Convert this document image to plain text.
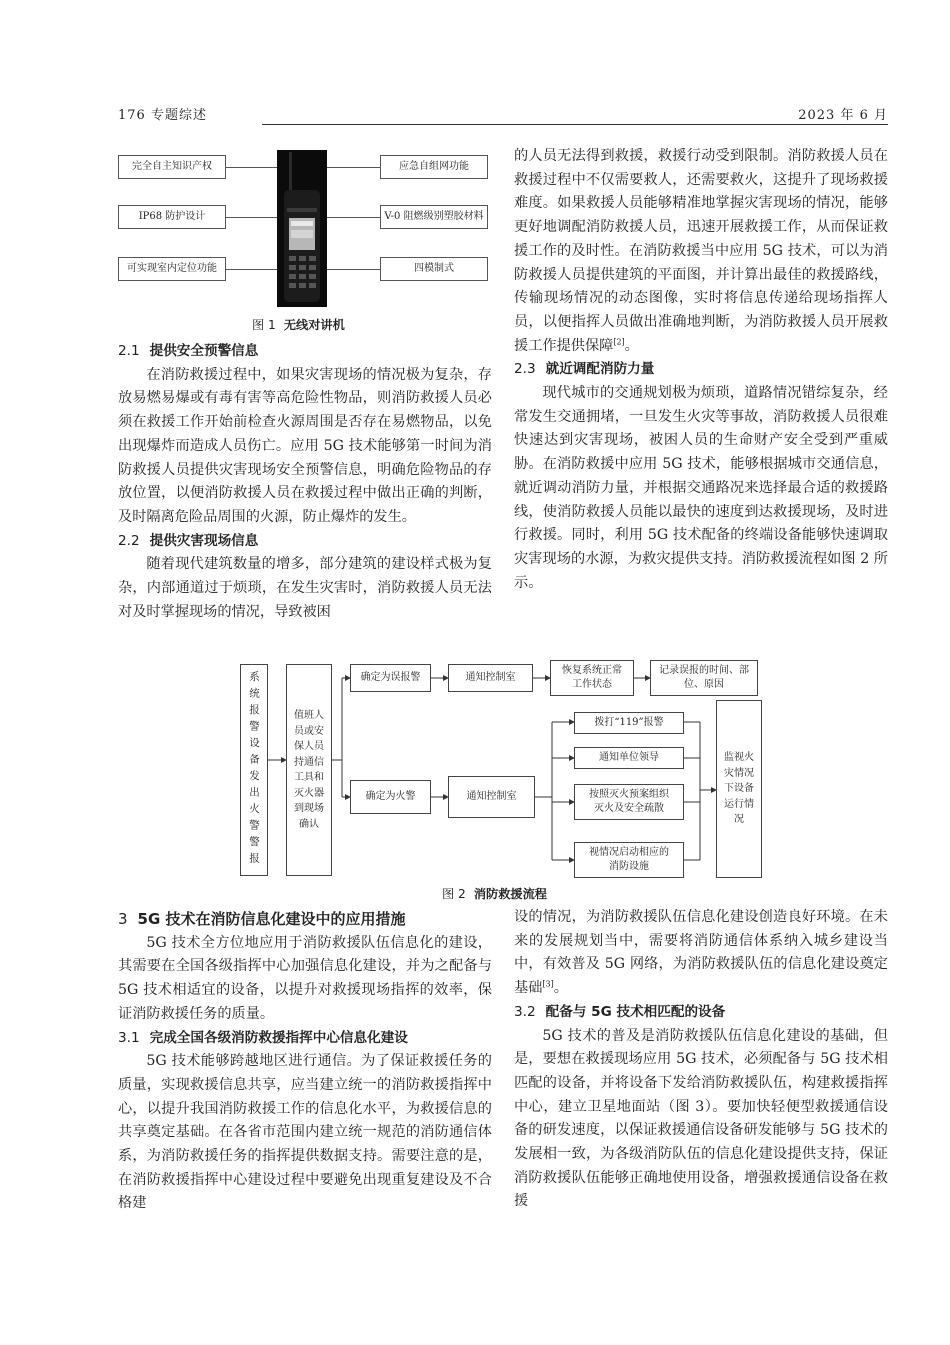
176 专题综述	2023 年 6 月
完全自主知识产权
IP68 防护设计
可实现室内定位功能
应急自组网功能
V-0 阻燃级别塑胶材料
四模制式
图 1 无线对讲机
2.1 提供安全预警信息

在消防救援过程中，如果灾害现场的情况极为复杂，存放易燃易爆或有毒有害等高危险性物品，则消防救援人员必须在救援工作开始前检查火源周围是否存在易燃物品，以免出现爆炸而造成人员伤亡。应用 5G 技术能够第一时间为消防救援人员提供灾害现场安全预警信息，明确危险物品的存放位置，以便消防救援人员在救援过程中做出正确的判断，及时隔离危险品周围的火源，防止爆炸的发生。

2.2 提供灾害现场信息

随着现代建筑数量的增多，部分建筑的建设样式极为复杂，内部通道过于烦琐，在发生灾害时，消防救援人员无法对及时掌握现场的情况，导致被困

的人员无法得到救援，救援行动受到限制。消防救援人员在救援过程中不仅需要救人，还需要救火，这提升了现场救援难度。如果救援人员能够精准地掌握灾害现场的情况，能够更好地调配消防救援人员，迅速开展救援工作，从而保证救援工作的及时性。在消防救援当中应用 5G 技术，可以为消防救援人员提供建筑的平面图，并计算出最佳的救援路线，传输现场情况的动态图像，实时将信息传递给现场指挥人员，以便指挥人员做出准确地判断，为消防救援人员开展救援工作提供保障[2]。

2.3 就近调配消防力量

现代城市的交通规划极为烦琐，道路情况错综复杂，经常发生交通拥堵，一旦发生火灾等事故，消防救援人员很难快速达到灾害现场，被困人员的生命财产安全受到严重威胁。在消防救援中应用 5G 技术，能够根据城市交通信息，就近调动消防力量，并根据交通路况来选择最合适的救援路线，使消防救援人员能以最快的速度到达救援现场，及时进行救援。同时，利用 5G 技术配备的终端设备能够快速调取灾害现场的水源，为救灾提供支持。消防救援流程如图 2 所示。

系统报警设备发出火警警报	值班人员或安保人员持通信工具和灭火器到现场确认
确定为误报警	通知控制室
恢复系统正常工作状态
记录误报的时间、部位、原因
确定为火警	通知控制室
拨打“119”报警
通知单位领导
按照灭火预案组织灭火及安全疏散
视情况启动相应的消防设施
监视火灾情况下设备运行情况
图 2 消防救援流程
3 5G 技术在消防信息化建设中的应用措施

5G 技术全方位地应用于消防救援队伍信息化的建设，其需要在全国各级指挥中心加强信息化建设，并为之配备与 5G 技术相适宜的设备，以提升对救援现场指挥的效率，保证消防救援任务的质量。

3.1 完成全国各级消防救援指挥中心信息化建设

5G 技术能够跨越地区进行通信。为了保证救援任务的质量，实现救援信息共享，应当建立统一的消防救援指挥中心，以提升我国消防救援工作的信息化水平，为救援信息的共享奠定基础。在各省市范围内建立统一规范的消防通信体系，为消防救援任务的指挥提供数据支持。需要注意的是，在消防救援指挥中心建设过程中要避免出现重复建设及不合格建

设的情况，为消防救援队伍信息化建设创造良好环境。在未来的发展规划当中，需要将消防通信体系纳入城乡建设当中，有效普及 5G 网络，为消防救援队伍的信息化建设奠定基础[3]。

3.2 配备与 5G 技术相匹配的设备

5G 技术的普及是消防救援队伍信息化建设的基础，但是，要想在救援现场应用 5G 技术，必须配备与 5G 技术相匹配的设备，并将设备下发给消防救援队伍，构建救援指挥中心，建立卫星地面站（图 3）。要加快轻便型救援通信设备的研发速度，以保证救援通信设备研发能够与 5G 技术的发展相一致，为各级消防队伍的信息化建设提供支持，保证消防救援队伍能够正确地使用设备，增强救援通信设备在救援
